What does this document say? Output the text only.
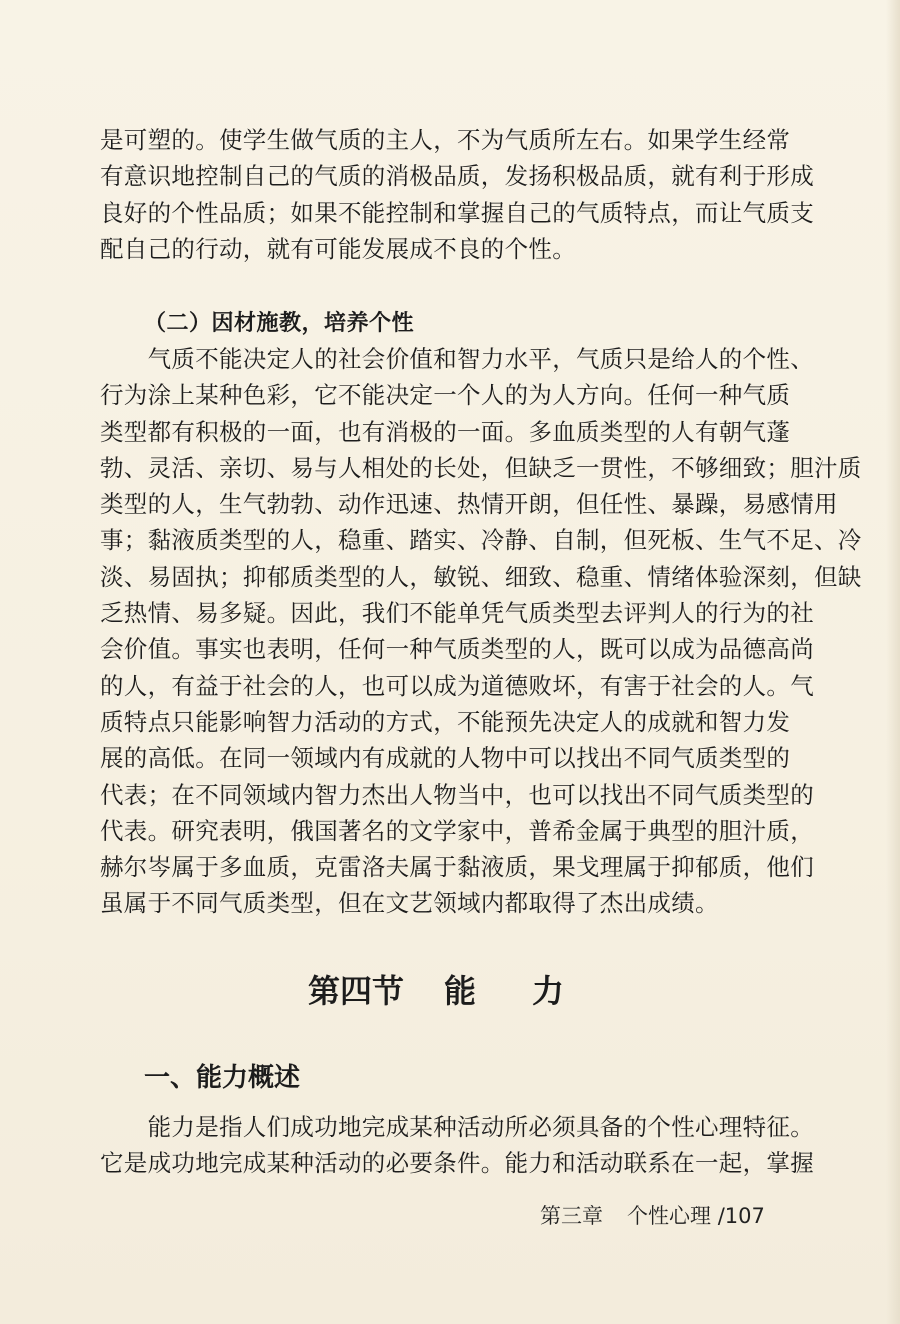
是可塑的。使学生做气质的主人，不为气质所左右。如果学生经常
有意识地控制自己的气质的消极品质，发扬积极品质，就有利于形成
良好的个性品质；如果不能控制和掌握自己的气质特点，而让气质支
配自己的行动，就有可能发展成不良的个性。
（二）因材施教，培养个性
　　气质不能决定人的社会价值和智力水平，气质只是给人的个性、
行为涂上某种色彩，它不能决定一个人的为人方向。任何一种气质
类型都有积极的一面，也有消极的一面。多血质类型的人有朝气蓬
勃、灵活、亲切、易与人相处的长处，但缺乏一贯性，不够细致；胆汁质
类型的人，生气勃勃、动作迅速、热情开朗，但任性、暴躁，易感情用
事；黏液质类型的人，稳重、踏实、冷静、自制，但死板、生气不足、冷
淡、易固执；抑郁质类型的人，敏锐、细致、稳重、情绪体验深刻，但缺
乏热情、易多疑。因此，我们不能单凭气质类型去评判人的行为的社
会价值。事实也表明，任何一种气质类型的人，既可以成为品德高尚
的人，有益于社会的人，也可以成为道德败坏，有害于社会的人。气
质特点只能影响智力活动的方式，不能预先决定人的成就和智力发
展的高低。在同一领域内有成就的人物中可以找出不同气质类型的
代表；在不同领域内智力杰出人物当中，也可以找出不同气质类型的
代表。研究表明，俄国著名的文学家中，普希金属于典型的胆汁质，
赫尔岑属于多血质，克雷洛夫属于黏液质，果戈理属于抑郁质，他们
虽属于不同气质类型，但在文艺领域内都取得了杰出成绩。
第四节 能 力
一、能力概述
　　能力是指人们成功地完成某种活动所必须具备的个性心理特征。
它是成功地完成某种活动的必要条件。能力和活动联系在一起，掌握
第三章 个性心理 /107
